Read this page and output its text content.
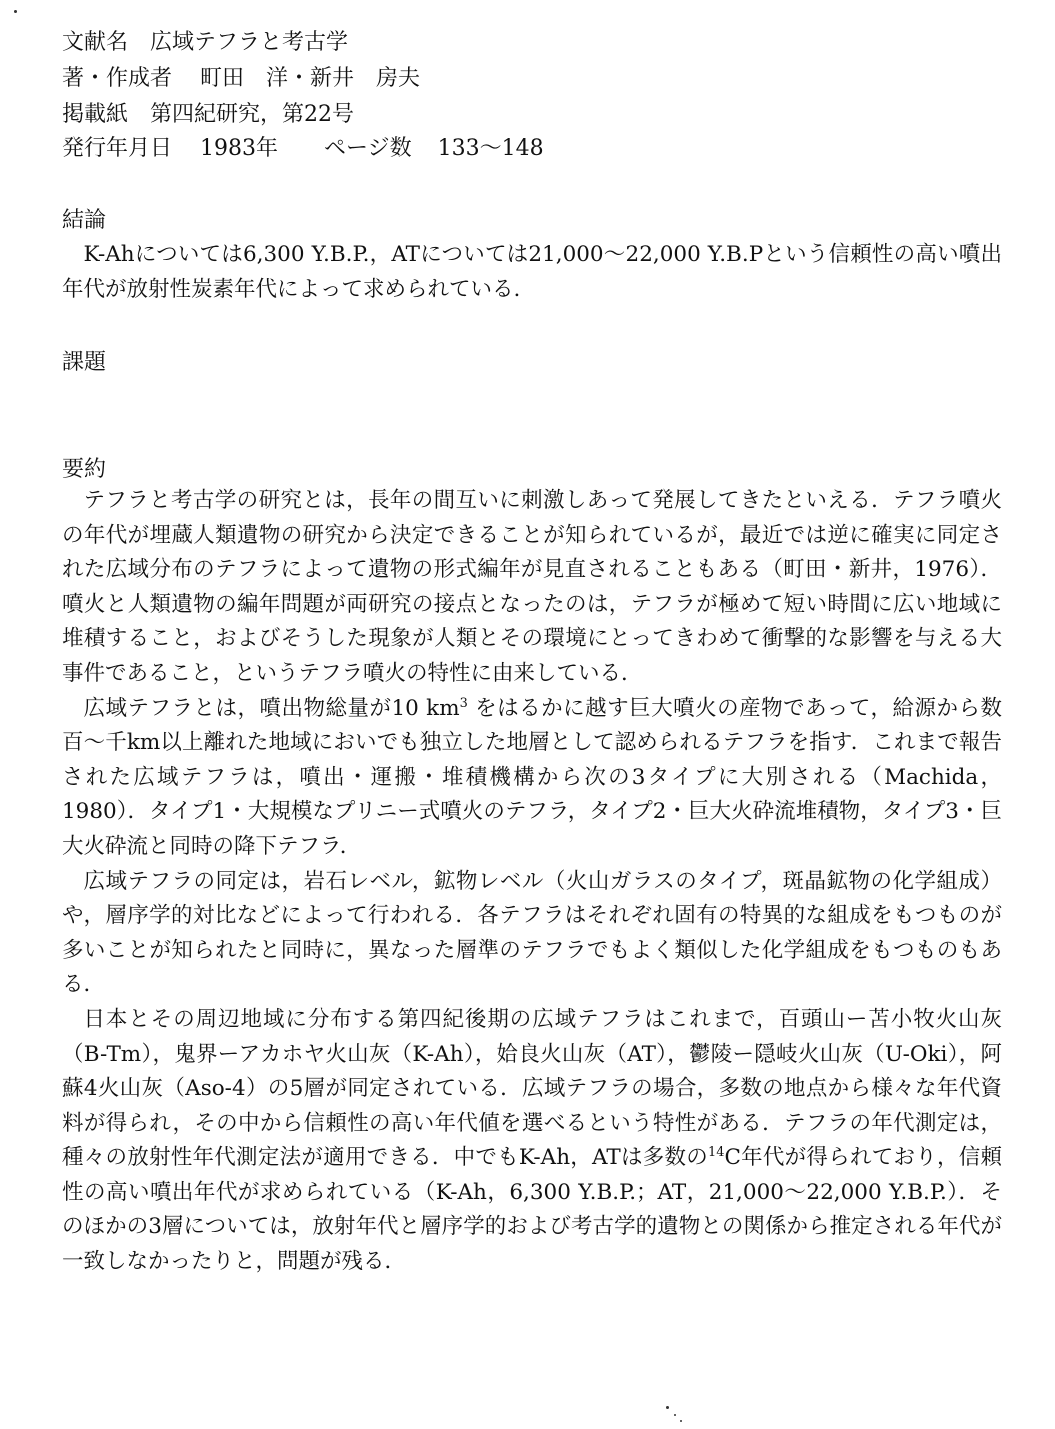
文献名 広域テフラと考古学
著・作成者 町田　洋・新井　房夫
掲載紙 第四紀研究，第22号
発行年月日 1983年 ページ数 133〜148
結論

K-Ahについては6,300 Y.B.P.，ATについては21,000〜22,000 Y.B.Pという信頼性の高い噴出年代が放射性炭素年代によって求められている.

課題
要約

テフラと考古学の研究とは，長年の間互いに刺激しあって発展してきたといえる．テフラ噴火の年代が埋蔵人類遺物の研究から決定できることが知られているが，最近では逆に確実に同定された広域分布のテフラによって遺物の形式編年が見直されることもある（町田・新井，1976）．噴火と人類遺物の編年問題が両研究の接点となったのは，テフラが極めて短い時間に広い地域に堆積すること，およびそうした現象が人類とその環境にとってきわめて衝撃的な影響を与える大事件であること，というテフラ噴火の特性に由来している．

広域テフラとは，噴出物総量が10 $km^3$ をはるかに越す巨大噴火の産物であって，給源から数百〜千km以上離れた地域においでも独立した地層として認められるテフラを指す．これまで報告された広域テフラは，噴出・運搬・堆積機構から次の3タイプに大別される（Machida，1980）．タイプ1・大規模なプリニー式噴火のテフラ，タイプ2・巨大火砕流堆積物，タイプ3・巨大火砕流と同時の降下テフラ．

広域テフラの同定は，岩石レベル，鉱物レベル（火山ガラスのタイプ，斑晶鉱物の化学組成）や，層序学的対比などによって行われる．各テフラはそれぞれ固有の特異的な組成をもつものが多いことが知られたと同時に，異なった層準のテフラでもよく類似した化学組成をもつものもある．

日本とその周辺地域に分布する第四紀後期の広域テフラはこれまで，百頭山ー苫小牧火山灰（B-Tm），鬼界ーアカホヤ火山灰（K-Ah），姶良火山灰（AT），鬱陵ー隠岐火山灰（U-Oki），阿蘇4火山灰（Aso-4）の5層が同定されている．広域テフラの場合，多数の地点から様々な年代資料が得られ，その中から信頼性の高い年代値を選べるという特性がある．テフラの年代測定は，種々の放射性年代測定法が適用できる．中でもK-Ah，ATは多数の$^{14}$C年代が得られており，信頼性の高い噴出年代が求められている（K-Ah，6,300 Y.B.P.；AT，21,000〜22,000 Y.B.P.）．そのほかの3層については，放射年代と層序学的および考古学的遺物との関係から推定される年代が一致しなかったりと，問題が残る．
